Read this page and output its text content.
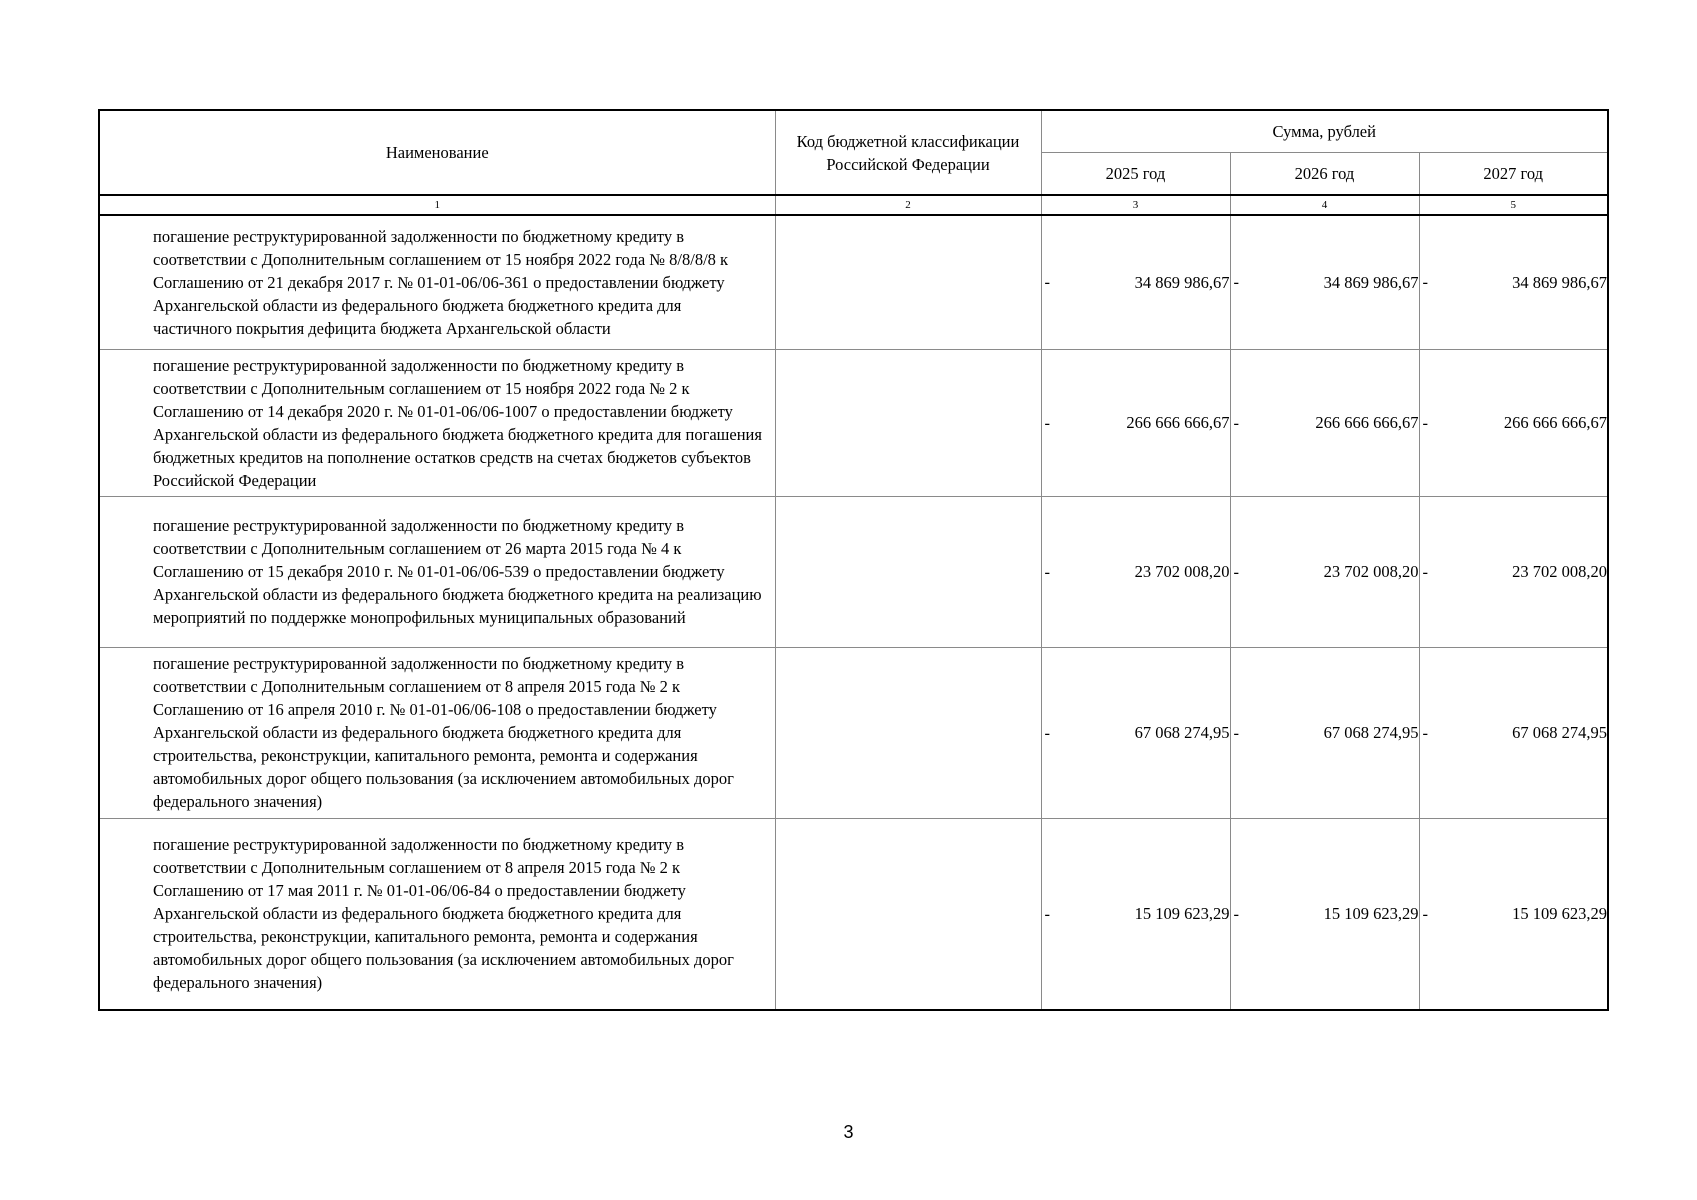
Наименование	Код бюджетной классификации Российской Федерации	Сумма, рублей		
		2025 год	2026 год	2027 год
1	2	3	4	5

погашение реструктурированной задолженности по бюджетному кредиту в соответствии с Дополнительным соглашением от 15 ноября 2022 года № 8/8/8/8 к Соглашению от 21 декабря 2017 г. № 01-01-06/06-361 о предоставлении бюджету Архангельской области из федерального бюджета бюджетного кредита для частичного покрытия дефицита бюджета Архангельской области		- 34 869 986,67	- 34 869 986,67	- 34 869 986,67

погашение реструктурированной задолженности по бюджетному кредиту в соответствии с Дополнительным соглашением от 15 ноября 2022 года № 2 к Соглашению от 14 декабря 2020 г. № 01-01-06/06-1007 о предоставлении бюджету Архангельской области из федерального бюджета бюджетного кредита для погашения бюджетных кредитов на пополнение остатков средств на счетах бюджетов субъектов Российской Федерации		- 266 666 666,67	- 266 666 666,67	- 266 666 666,67

погашение реструктурированной задолженности по бюджетному кредиту в соответствии с Дополнительным соглашением от 26 марта 2015 года № 4 к Соглашению от 15 декабря 2010 г. № 01-01-06/06-539 о предоставлении бюджету Архангельской области из федерального бюджета бюджетного кредита на реализацию мероприятий по поддержке монопрофильных муниципальных образований		- 23 702 008,20	- 23 702 008,20	- 23 702 008,20

погашение реструктурированной задолженности по бюджетному кредиту в соответствии с Дополнительным соглашением от 8 апреля 2015 года № 2 к Соглашению от 16 апреля 2010 г. № 01-01-06/06-108 о предоставлении бюджету Архангельской области из федерального бюджета бюджетного кредита для строительства, реконструкции, капитального ремонта, ремонта и содержания автомобильных дорог общего пользования (за исключением автомобильных дорог федерального значения)		- 67 068 274,95	- 67 068 274,95	- 67 068 274,95

погашение реструктурированной задолженности по бюджетному кредиту в соответствии с Дополнительным соглашением от 8 апреля 2015 года № 2 к Соглашению от 17 мая 2011 г. № 01-01-06/06-84 о предоставлении бюджету Архангельской области из федерального бюджета бюджетного кредита для строительства, реконструкции, капитального ремонта, ремонта и содержания автомобильных дорог общего пользования (за исключением автомобильных дорог федерального значения)		- 15 109 623,29	- 15 109 623,29	- 15 109 623,29
3
